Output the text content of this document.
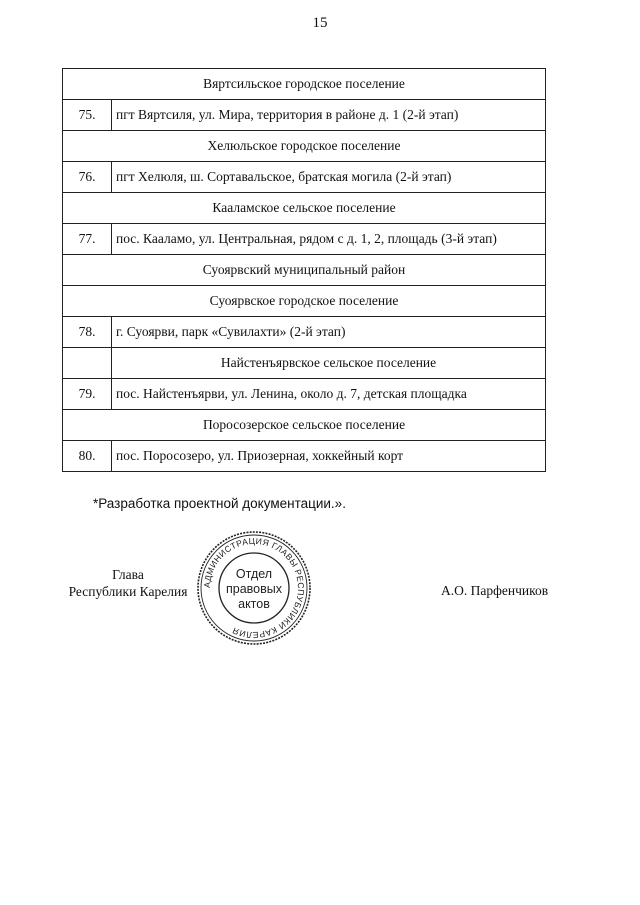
15
Вяртсильское городское поселение	
75.	пгт Вяртсиля, ул. Мира, территория в районе д. 1 (2-й этап)
Хелюльское городское поселение	
76.	пгт Хелюля, ш. Сортавальское, братская могила (2-й этап)
Кааламское сельское поселение	
77.	пос. Кааламо, ул. Центральная, рядом с д. 1, 2, площадь (3-й этап)
Суоярвский муниципальный район	
Суоярвское городское поселение	
78.	г. Суоярви, парк «Сувилахти» (2-й этап)
	Найстенъярвское сельское поселение
79.	пос. Найстенъярви, ул. Ленина, около д. 7, детская площадка
Поросозерское сельское поселение	
80.	пос. Поросозеро, ул. Приозерная, хоккейный корт
*Разработка проектной документации.».
Глава
Республики Карелия	АДМИНИСТРАЦИЯ ГЛАВЫ РЕСПУБЛИКИ КАРЕЛИЯ
Отдел
правовых
актов
А.О. Парфенчиков
